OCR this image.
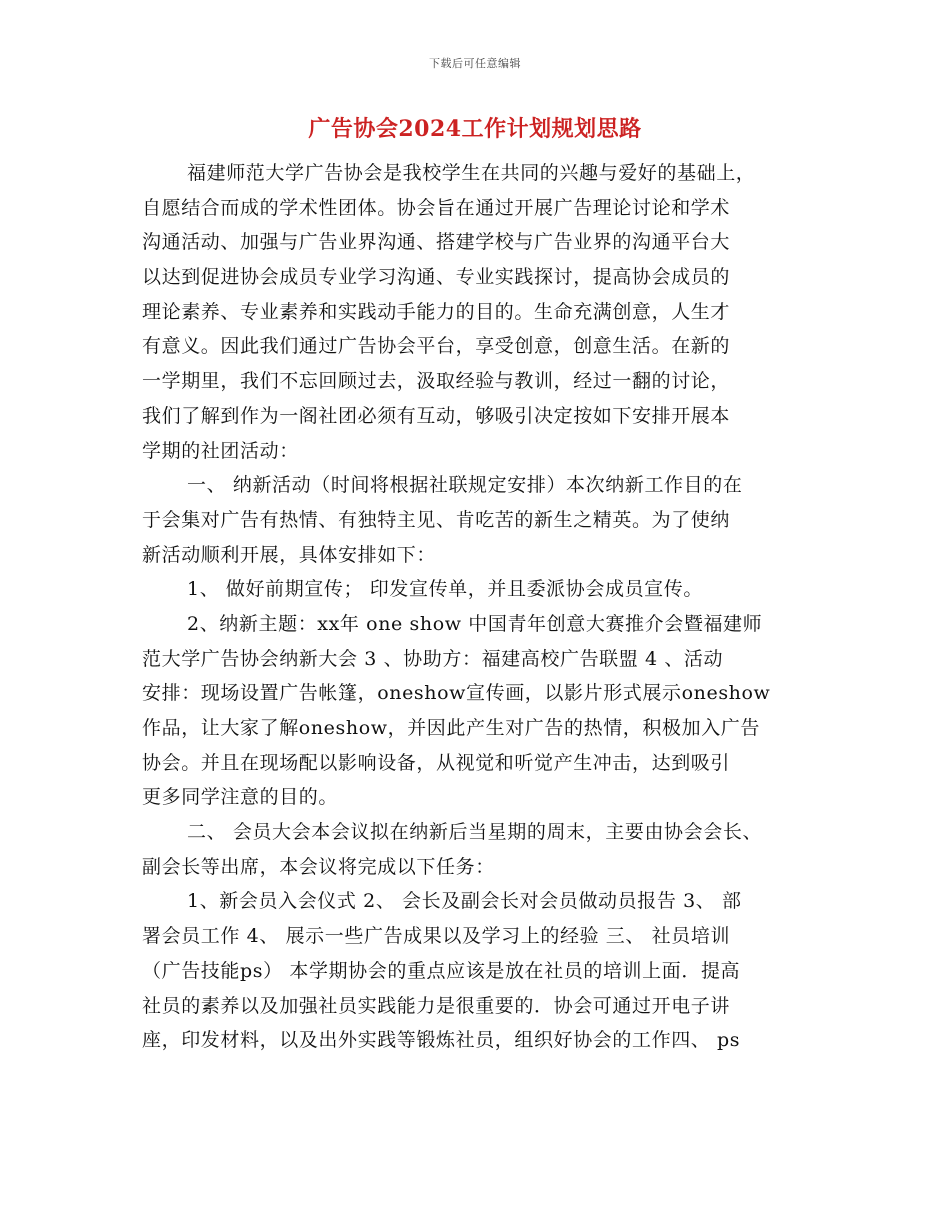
下载后可任意编辑
广告协会2024工作计划规划思路
福建师范大学广告协会是我校学生在共同的兴趣与爱好的基础上，
自愿结合而成的学术性团体。协会旨在通过开展广告理论讨论和学术
沟通活动、加强与广告业界沟通、搭建学校与广告业界的沟通平台大
以达到促进协会成员专业学习沟通、专业实践探讨，提高协会成员的
理论素养、专业素养和实践动手能力的目的。生命充满创意，人生才
有意义。因此我们通过广告协会平台，享受创意，创意生活。在新的
一学期里，我们不忘回顾过去，汲取经验与教训，经过一翻的讨论，
我们了解到作为一阁社团必须有互动，够吸引决定按如下安排开展本
学期的社团活动：
一、 纳新活动（时间将根据社联规定安排）本次纳新工作目的在
于会集对广告有热情、有独特主见、肯吃苦的新生之精英。为了使纳
新活动顺利开展，具体安排如下：
1、 做好前期宣传； 印发宣传单，并且委派协会成员宣传。
2、纳新主题：xx年 one show 中国青年创意大赛推介会暨福建师
范大学广告协会纳新大会 3 、协助方：福建高校广告联盟 4 、活动
安排：现场设置广告帐篷，oneshow宣传画，以影片形式展示oneshow
作品，让大家了解oneshow，并因此产生对广告的热情，积极加入广告
协会。并且在现场配以影响设备，从视觉和听觉产生冲击，达到吸引
更多同学注意的目的。
二、 会员大会本会议拟在纳新后当星期的周末，主要由协会会长、
副会长等出席，本会议将完成以下任务：
1、新会员入会仪式 2、 会长及副会长对会员做动员报告 3、 部
署会员工作 4、 展示一些广告成果以及学习上的经验 三、 社员培训
（广告技能ps） 本学期协会的重点应该是放在社员的培训上面．提高
社员的素养以及加强社员实践能力是很重要的．协会可通过开电子讲
座，印发材料，以及出外实践等锻炼社员，组织好协会的工作四、 ps
